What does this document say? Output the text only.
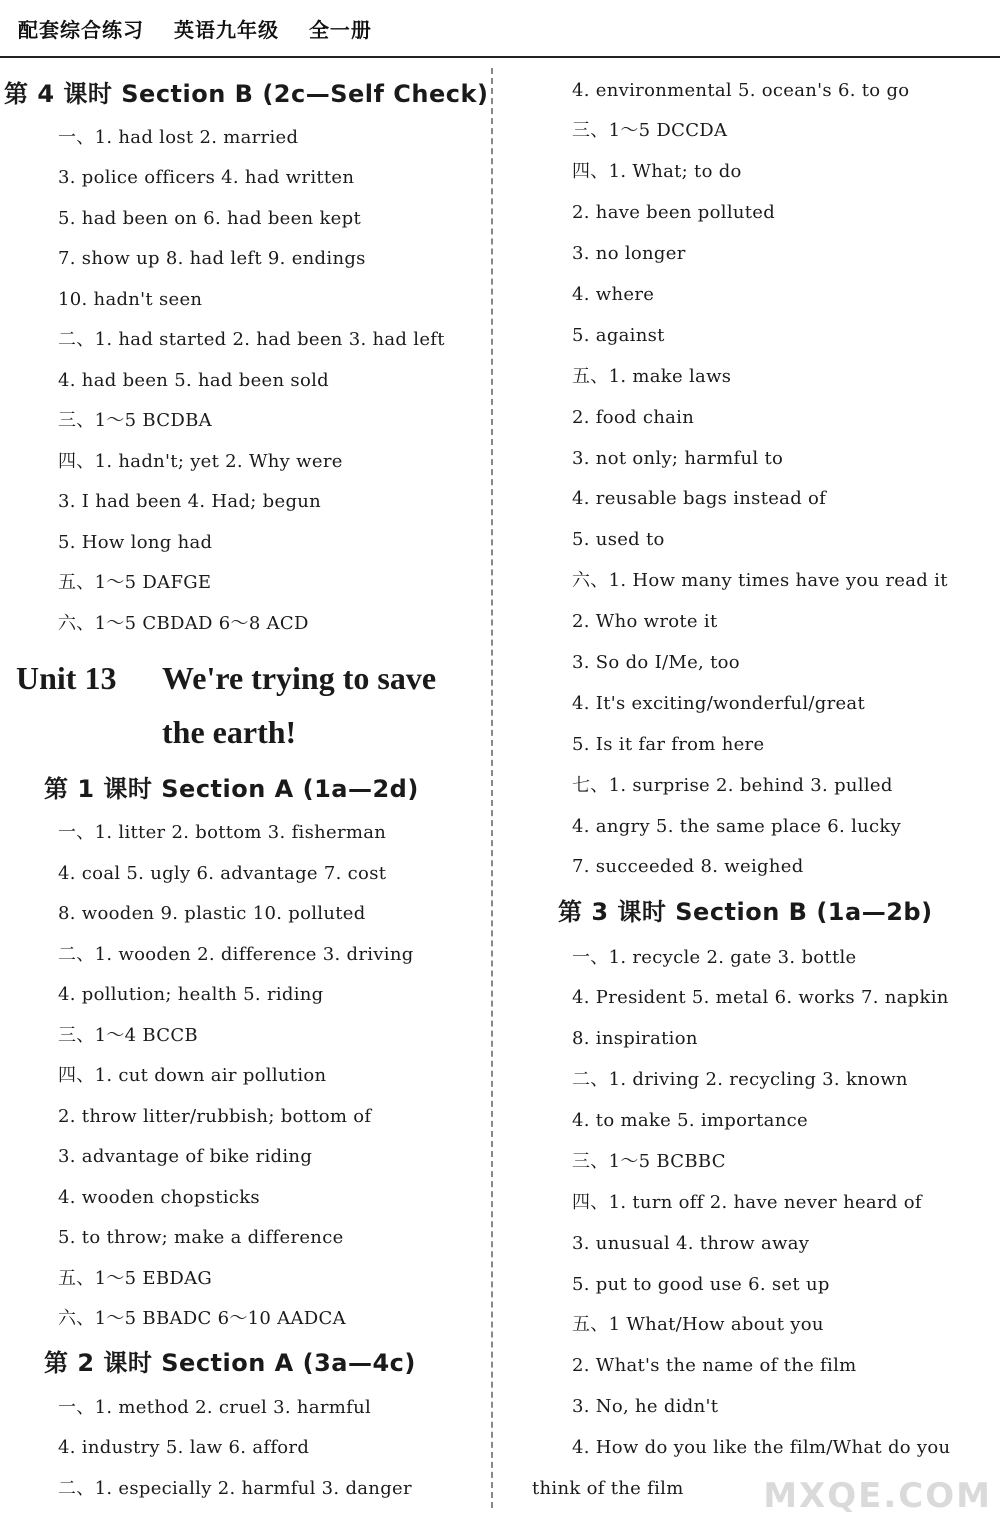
配套综合练习 英语九年级 全一册
第 4 课时 Section B (2c—Self Check)
一、1. had lost 2. married
3. police officers 4. had written
5. had been on 6. had been kept
7. show up 8. had left 9. endings
10. hadn't seen
二、1. had started 2. had been 3. had left
4. had been 5. had been sold
三、1～5 BCDBA
四、1. hadn't; yet 2. Why were
3. I had been 4. Had; begun
5. How long had
五、1～5 DAFGE
六、1～5 CBDAD 6～8 ACD
Unit 13 We're trying to save
the earth!
第 1 课时 Section A (1a—2d)
一、1. litter 2. bottom 3. fisherman
4. coal 5. ugly 6. advantage 7. cost
8. wooden 9. plastic 10. polluted
二、1. wooden 2. difference 3. driving
4. pollution; health 5. riding
三、1～4 BCCB
四、1. cut down air pollution
2. throw litter/rubbish; bottom of
3. advantage of bike riding
4. wooden chopsticks
5. to throw; make a difference
五、1～5 EBDAG
六、1～5 BBADC 6～10 AADCA
第 2 课时 Section A (3a—4c)
一、1. method 2. cruel 3. harmful
4. industry 5. law 6. afford
二、1. especially 2. harmful 3. danger
4. environmental 5. ocean's 6. to go
三、1～5 DCCDA
四、1. What; to do
2. have been polluted
3. no longer
4. where
5. against
五、1. make laws
2. food chain
3. not only; harmful to
4. reusable bags instead of
5. used to
六、1. How many times have you read it
2. Who wrote it
3. So do I/Me, too
4. It's exciting/wonderful/great
5. Is it far from here
七、1. surprise 2. behind 3. pulled
4. angry 5. the same place 6. lucky
7. succeeded 8. weighed
第 3 课时 Section B (1a—2b)
一、1. recycle 2. gate 3. bottle
4. President 5. metal 6. works 7. napkin
8. inspiration
二、1. driving 2. recycling 3. known
4. to make 5. importance
三、1～5 BCBBC
四、1. turn off 2. have never heard of
3. unusual 4. throw away
5. put to good use 6. set up
五、1 What/How about you
2. What's the name of the film
3. No, he didn't
4. How do you like the film/What do you
think of the film MXQE.COM
